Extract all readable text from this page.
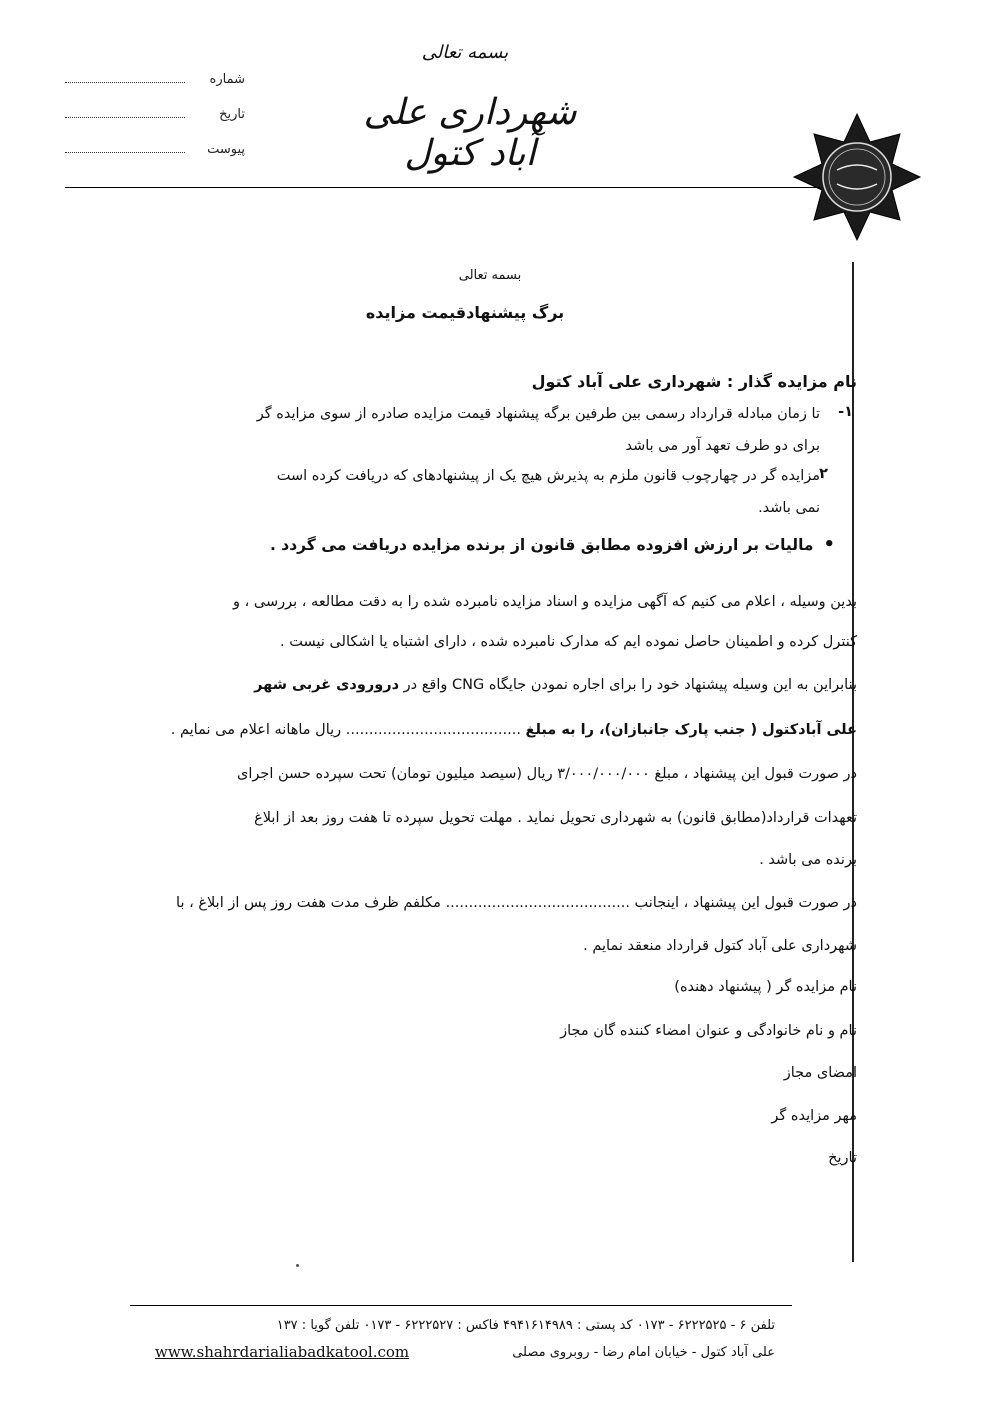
شماره
تاریخ
پیوست
بسمه تعالی
شهرداری علی آباد کتول
بسمه تعالی
برگ پیشنهادقیمت مزایده
نام مزایده گذار : شهرداری علی آباد کتول
۱-
تا زمان مبادله قرارداد رسمی بین طرفین برگه پیشنهاد قیمت مزایده صادره از سوی مزایده گر
برای دو طرف تعهد آور می باشد
۲
مزایده گر در چهارچوب قانون ملزم به پذیرش هیچ یک از پیشنهادهای که دریافت کرده است
نمی باشد.
•مالیات بر ارزش افزوده مطابق قانون از برنده مزایده دریافت می گردد .
بدین وسیله ، اعلام می کنیم که آگهی مزایده و اسناد مزایده نامبرده شده را به دقت مطالعه ، بررسی ، و
کنترل کرده و اطمینان حاصل نموده ایم که مدارک نامبرده شده ، دارای اشتباه یا اشکالی نیست .
بنابراین به این وسیله پیشنهاد خود را برای اجاره نمودن جایگاه CNG واقع در درورودی غربی شهر
علی آبادکتول ( جنب پارک جانبازان)، را به مبلغ ...................................... ریال ماهانه اعلام می نمایم .
در صورت قبول این پیشنهاد ، مبلغ ۳/۰۰۰/۰۰۰/۰۰۰ ریال (سیصد میلیون تومان) تحت سپرده حسن اجرای
تعهدات قرارداد(مطابق قانون) به شهرداری تحویل نماید . مهلت تحویل سپرده تا هفت روز بعد از ابلاغ
برنده می باشد .
در صورت قبول این پیشنهاد ، اینجانب ........................................ مکلفم ظرف مدت هفت روز پس از ابلاغ ، با
شهرداری علی آباد کتول قرارداد منعقد نمایم .
نام مزایده گر ( پیشنهاد دهنده)
نام و نام خانوادگی و عنوان امضاء کننده گان مجاز
امضای مجاز
مهر مزایده گر
تاریخ
تلفن ۶ - ۶۲۲۲۵۲۵ - ۰۱۷۳ کد پستی : ۴۹۴۱۶۱۴۹۸۹ فاکس : ۶۲۲۲۵۲۷ - ۰۱۷۳ تلفن گویا : ۱۳۷
علی آباد کتول - خیابان امام رضا - روبروی مصلی
www.shahrdarialiabadkatool.com
